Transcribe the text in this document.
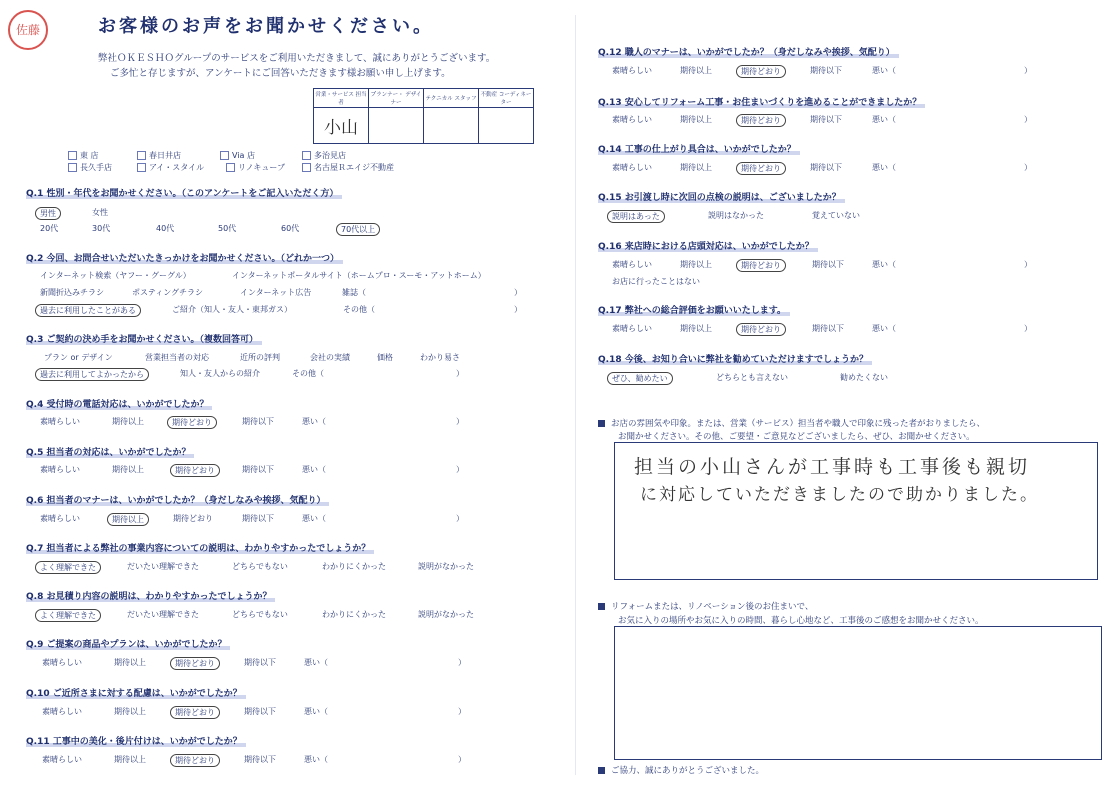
佐藤	お客様のお声をお聞かせください。
弊社ＯＫＥＳＨＯグループのサービスをご利用いただきまして、誠にありがとうございます。
ご多忙と存じますが、アンケートにご回答いただきます様お願い申し上げます。
営業・サービス 担当者	プランナー・ デザイナー	テクニカル スタッフ	不動産 コーディネーター
小山			
東 店	春日井店	Via 店	多治見店
長久手店	アイ・スタイル	リノキューブ	名古屋Ｒエイジ不動産
Q.1 性別・年代をお聞かせください。（このアンケートをご記入いただく方）
男性	女性
20代	30代	40代	50代	60代	70代以上
Q.2 今回、お問合せいただいたきっかけをお聞かせください。（どれか一つ）
インターネット検索（ヤフー・グーグル）	インターネットポータルサイト（ホームプロ・スーモ・アットホーム）
新聞折込みチラシ	ポスティングチラシ	インターネット広告	雑誌（	）
過去に利用したことがある	ご紹介（知人・友人・東邦ガス）	その他（	）
Q.3 ご契約の決め手をお聞かせください。（複数回答可）
プラン or デザイン	営業担当者の対応	近所の評判	会社の実績	価格	わかり易さ
過去に利用してよかったから	知人・友人からの紹介	その他（	）
Q.4 受付時の電話対応は、いかがでしたか？
素晴らしい	期待以上	期待どおり	期待以下	悪い（	）
Q.5 担当者の対応は、いかがでしたか？
素晴らしい	期待以上	期待どおり	期待以下	悪い（	）
Q.6 担当者のマナーは、いかがでしたか？（身だしなみや挨拶、気配り）
素晴らしい	期待以上	期待どおり	期待以下	悪い（	）
Q.7 担当者による弊社の事業内容についての説明は、わかりやすかったでしょうか？
よく理解できた	だいたい理解できた	どちらでもない	わかりにくかった	説明がなかった
Q.8 お見積り内容の説明は、わかりやすかったでしょうか？
よく理解できた	だいたい理解できた	どちらでもない	わかりにくかった	説明がなかった
Q.9 ご提案の商品やプランは、いかがでしたか？
素晴らしい	期待以上	期待どおり	期待以下	悪い（	）
Q.10 ご近所さまに対する配慮は、いかがでしたか？
素晴らしい	期待以上	期待どおり	期待以下	悪い（	）
Q.11 工事中の美化・後片付けは、いかがでしたか？
素晴らしい	期待以上	期待どおり	期待以下	悪い（	）
Q.12 職人のマナーは、いかがでしたか？（身だしなみや挨拶、気配り）
素晴らしい	期待以上	期待どおり	期待以下	悪い（	）
Q.13 安心してリフォーム工事・お住まいづくりを進めることができましたか？
素晴らしい	期待以上	期待どおり	期待以下	悪い（	）
Q.14 工事の仕上がり具合は、いかがでしたか？
素晴らしい	期待以上	期待どおり	期待以下	悪い（	）
Q.15 お引渡し時に次回の点検の説明は、ございましたか？
説明はあった	説明はなかった	覚えていない
Q.16 来店時における店頭対応は、いかがでしたか？
素晴らしい	期待以上	期待どおり	期待以下	悪い（	）
お店に行ったことはない
Q.17 弊社への総合評価をお願いいたします。
素晴らしい	期待以上	期待どおり	期待以下	悪い（	）
Q.18 今後、お知り合いに弊社を勧めていただけますでしょうか？
ぜひ、勧めたい	どちらとも言えない	勧めたくない
お店の雰囲気や印象。または、営業（サービス）担当者や職人で印象に残った者がおりましたら、
お聞かせください。その他、ご要望・ご意見などございましたら、ぜひ、お聞かせください。
担当の小山さんが工事時も工事後も親切
に対応していただきましたので助かりました。
リフォームまたは、リノベーション後のお住まいで、
お気に入りの場所やお気に入りの時間、暮らし心地など、工事後のご感想をお聞かせください。
ご協力、誠にありがとうございました。
